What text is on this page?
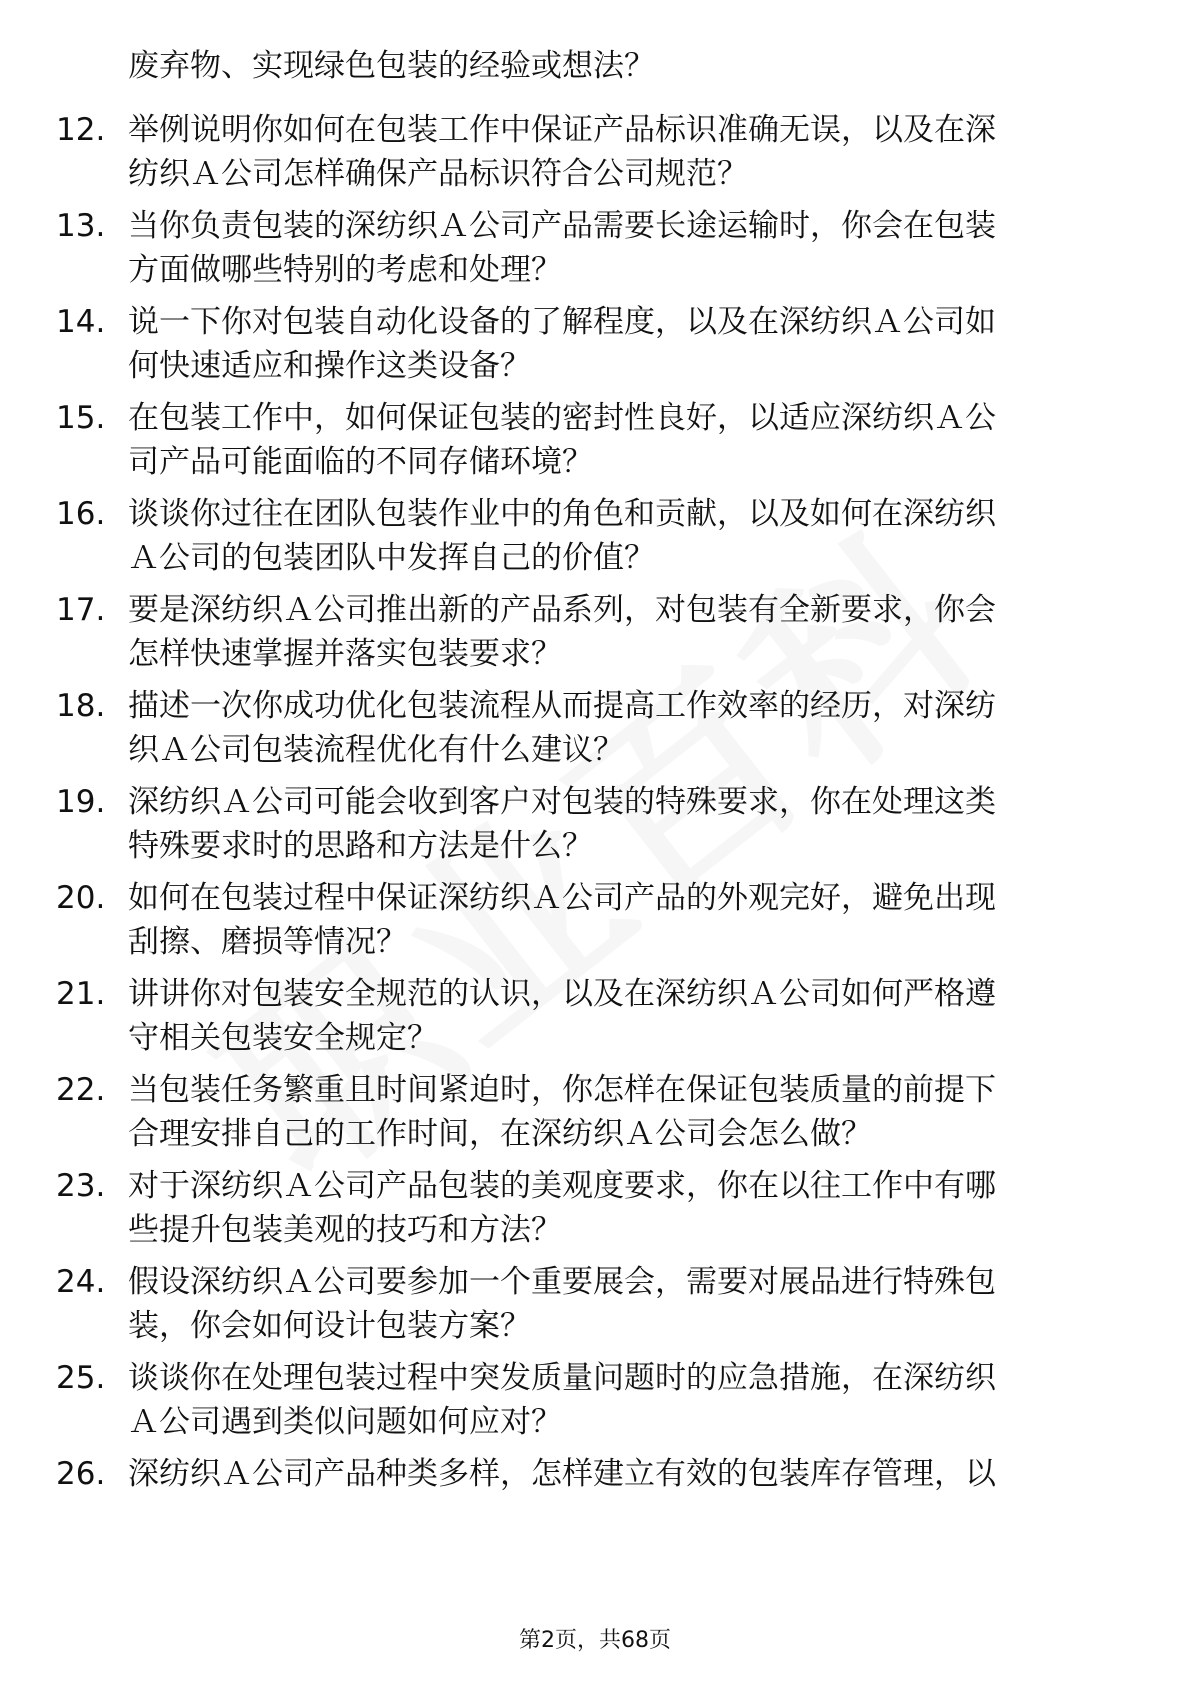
废弃物、实现绿色包装的经验或想法？

12. 举例说明你如何在包装工作中保证产品标识准确无误，以及在深
纺织Ａ公司怎样确保产品标识符合公司规范？
13. 当你负责包装的深纺织Ａ公司产品需要长途运输时，你会在包装
方面做哪些特别的考虑和处理？
14. 说一下你对包装自动化设备的了解程度，以及在深纺织Ａ公司如
何快速适应和操作这类设备？
15. 在包装工作中，如何保证包装的密封性良好，以适应深纺织Ａ公
司产品可能面临的不同存储环境？
16. 谈谈你过往在团队包装作业中的角色和贡献，以及如何在深纺织
Ａ公司的包装团队中发挥自己的价值？
17. 要是深纺织Ａ公司推出新的产品系列，对包装有全新要求，你会
怎样快速掌握并落实包装要求？
18. 描述一次你成功优化包装流程从而提高工作效率的经历，对深纺
织Ａ公司包装流程优化有什么建议？
19. 深纺织Ａ公司可能会收到客户对包装的特殊要求，你在处理这类
特殊要求时的思路和方法是什么？
20. 如何在包装过程中保证深纺织Ａ公司产品的外观完好，避免出现
刮擦、磨损等情况？
21. 讲讲你对包装安全规范的认识，以及在深纺织Ａ公司如何严格遵
守相关包装安全规定？
22. 当包装任务繁重且时间紧迫时，你怎样在保证包装质量的前提下
合理安排自己的工作时间，在深纺织Ａ公司会怎么做？
23. 对于深纺织Ａ公司产品包装的美观度要求，你在以往工作中有哪
些提升包装美观的技巧和方法？
24. 假设深纺织Ａ公司要参加一个重要展会，需要对展品进行特殊包
装，你会如何设计包装方案？
25. 谈谈你在处理包装过程中突发质量问题时的应急措施，在深纺织
Ａ公司遇到类似问题如何应对？
26. 深纺织Ａ公司产品种类多样，怎样建立有效的包装库存管理，以
第2页，共68页
